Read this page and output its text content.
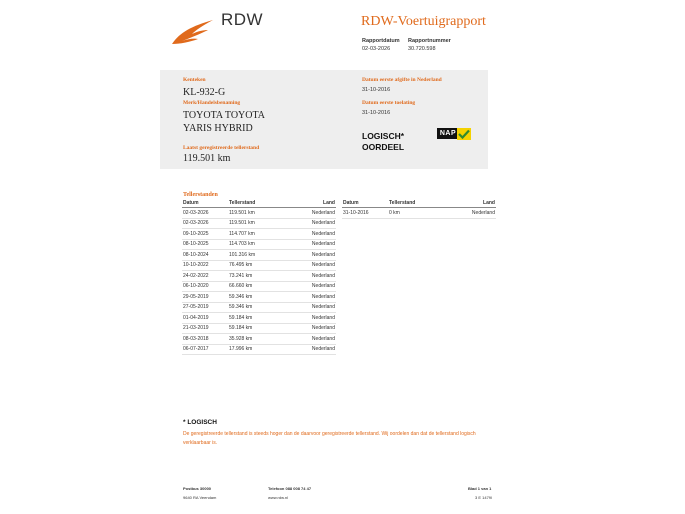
RDW	RDW-Voertuigrapport
Rapportdatum
02-03-2026
Rapportnummer
30.720.598
Kenteken
KL-932-G
Merk/Handelsbenaming
TOYOTA TOYOTA
YARIS HYBRID
Laatst geregistreerde tellerstand
119.501 km
Datum eerste afgifte in Nederland
31-10-2016
Datum eerste toelating
31-10-2016
LOGISCH*
OORDEEL
NAP
Tellerstanden
Datum	Tellerstand	Land
02-03-2026	119.501 km	Nederland
02-03-2026	119.501 km	Nederland
09-10-2025	114.707 km	Nederland
08-10-2025	114.703 km	Nederland
08-10-2024	101.316 km	Nederland
10-10-2022	76.495 km	Nederland
24-02-2022	73.241 km	Nederland
06-10-2020	66.660 km	Nederland
29-05-2019	59.346 km	Nederland
27-05-2019	59.346 km	Nederland
01-04-2019	59.184 km	Nederland
21-03-2019	59.184 km	Nederland
08-03-2018	35.928 km	Nederland
06-07-2017	17.996 km	Nederland
Datum	Tellerstand	Land
31-10-2016	0 km	Nederland
* LOGISCH
De geregistreerde tellerstand is steeds hoger dan de daarvoor geregistreerde tellerstand. Wij oordelen dan dat de tellerstand logisch verklaarbaar is.
Postbus 30000
9640 RA Veendam
Telefoon 088 008 74 47
www.rdw.nl
Blad 1 van 1
3 E 1479l
